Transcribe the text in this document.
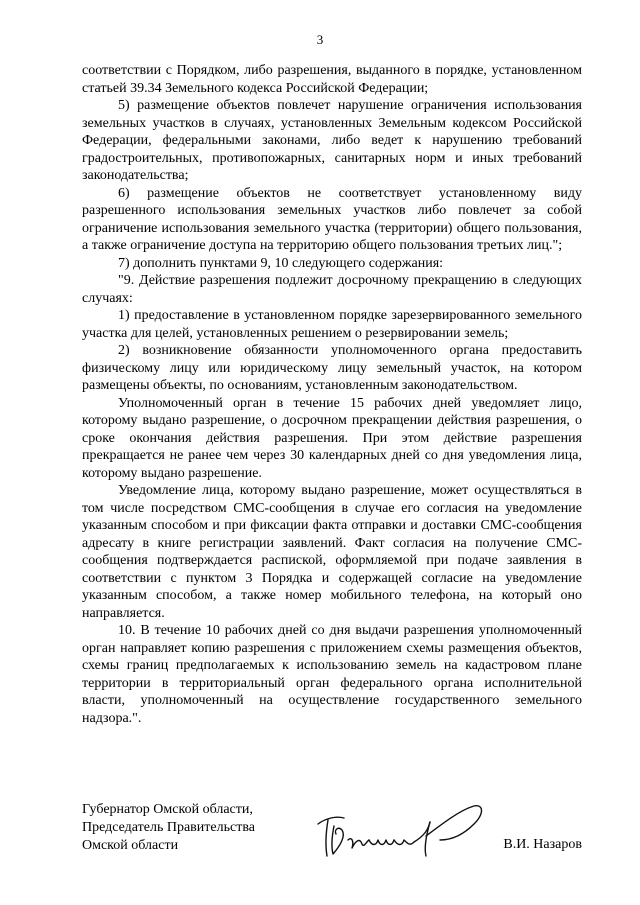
3

соответствии с Порядком, либо разрешения, выданного в порядке, установленном статьей 39.34 Земельного кодекса Российской Федерации;

5) размещение объектов повлечет нарушение ограничения использования земельных участков в случаях, установленных Земельным кодексом Российской Федерации, федеральными законами, либо ведет к нарушению требований градостроительных, противопожарных, санитарных норм и иных требований законодательства;

6) размещение объектов не соответствует установленному виду разрешенного использования земельных участков либо повлечет за собой ограничение использования земельного участка (территории) общего пользования, а также ограничение доступа на территорию общего пользования третьих лиц.";

7) дополнить пунктами 9, 10 следующего содержания:

"9. Действие разрешения подлежит досрочному прекращению в следующих случаях:

1) предоставление в установленном порядке зарезервированного земельного участка для целей, установленных решением о резервировании земель;

2) возникновение обязанности уполномоченного органа предоставить физическому лицу или юридическому лицу земельный участок, на котором размещены объекты, по основаниям, установленным законодательством.

Уполномоченный орган в течение 15 рабочих дней уведомляет лицо, которому выдано разрешение, о досрочном прекращении действия разрешения, о сроке окончания действия разрешения. При этом действие разрешения прекращается не ранее чем через 30 календарных дней со дня уведомления лица, которому выдано разрешение.

Уведомление лица, которому выдано разрешение, может осуществляться в том числе посредством СМС-сообщения в случае его согласия на уведомление указанным способом и при фиксации факта отправки и доставки СМС-сообщения адресату в книге регистрации заявлений. Факт согласия на получение СМС-сообщения подтверждается распиской, оформляемой при подаче заявления в соответствии с пунктом 3 Порядка и содержащей согласие на уведомление указанным способом, а также номер мобильного телефона, на который оно направляется.

10. В течение 10 рабочих дней со дня выдачи разрешения уполномоченный орган направляет копию разрешения с приложением схемы размещения объектов, схемы границ предполагаемых к использованию земель на кадастровом плане территории в территориальный орган федерального органа исполнительной власти, уполномоченный на осуществление государственного земельного надзора.".

Губернатор Омской области,
Председатель Правительства
Омской области	В.И. Назаров
